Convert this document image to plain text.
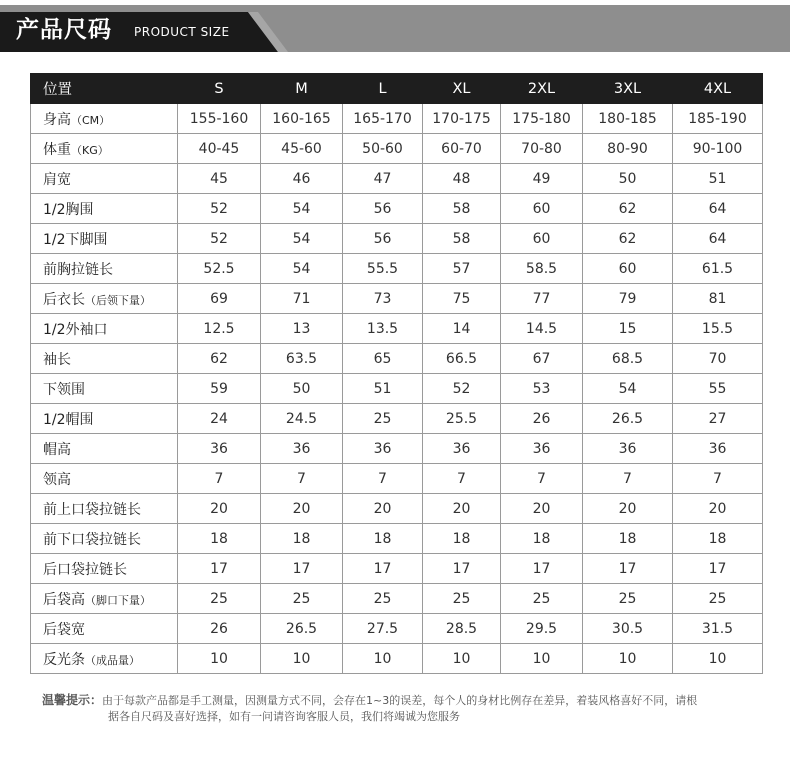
产品尺码 PRODUCT SIZE
位置	S	M	L	XL	2XL	3XL	4XL
身高（CM）	155-160	160-165	165-170	170-175	175-180	180-185	185-190
体重（KG）	40-45	45-60	50-60	60-70	70-80	80-90	90-100
肩宽	45	46	47	48	49	50	51
1/2胸围	52	54	56	58	60	62	64
1/2下脚围	52	54	56	58	60	62	64
前胸拉链长	52.5	54	55.5	57	58.5	60	61.5
后衣长（后领下量）	69	71	73	75	77	79	81
1/2外袖口	12.5	13	13.5	14	14.5	15	15.5
袖长	62	63.5	65	66.5	67	68.5	70
下领围	59	50	51	52	53	54	55
1/2帽围	24	24.5	25	25.5	26	26.5	27
帽高	36	36	36	36	36	36	36
领高	7	7	7	7	7	7	7
前上口袋拉链长	20	20	20	20	20	20	20
前下口袋拉链长	18	18	18	18	18	18	18
后口袋拉链长	17	17	17	17	17	17	17
后袋高（脚口下量）	25	25	25	25	25	25	25
后袋宽	26	26.5	27.5	28.5	29.5	30.5	31.5
反光条（成品量）	10	10	10	10	10	10	10
温馨提示：由于每款产品都是手工测量，因测量方式不同，会存在1~3的误差，每个人的身材比例存在差异，着装风格喜好不同，请根
据各自尺码及喜好选择，如有一问请咨询客服人员，我们将竭诚为您服务
